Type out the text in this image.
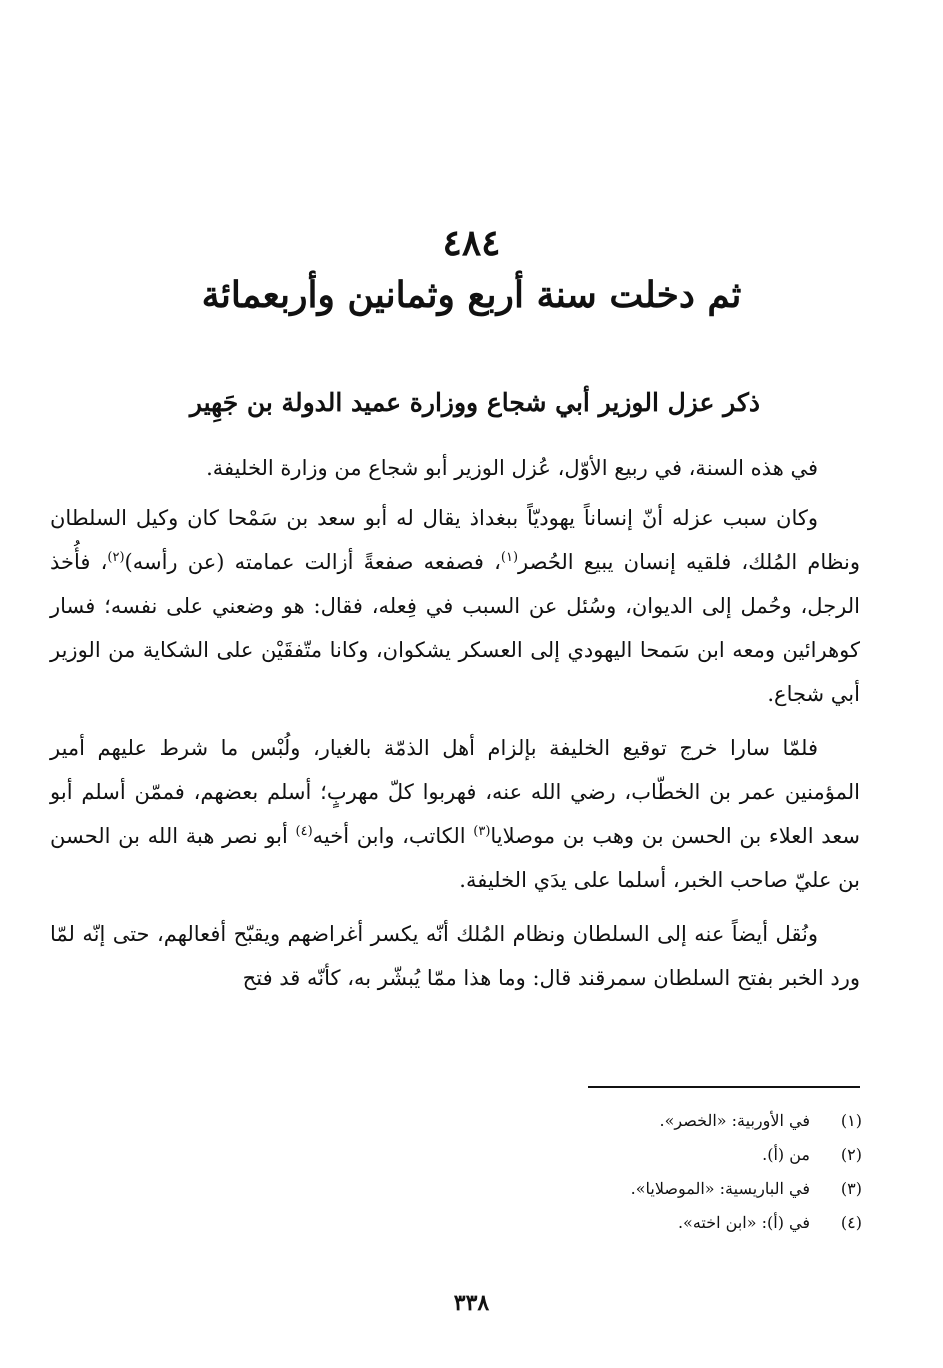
٤٨٤
ثم دخلت سنة أربع وثمانين وأربعمائة
ذكر عزل الوزير أبي شجاع ووزارة عميد الدولة بن جَهِير

في هذه السنة، في ربيع الأوّل، عُزل الوزير أبو شجاع من وزارة الخليفة.

وكان سبب عزله أنّ إنساناً يهوديّاً ببغداذ يقال له أبو سعد بن سَمْحا كان وكيل السلطان ونظام المُلك، فلقيه إنسان يبيع الحُصر$^{(١)}$، فصفعه صفعةً أزالت عمامته (عن رأسه)$^{(٢)}$، فأُخذ الرجل، وحُمل إلى الديوان، وسُئل عن السبب في فِعله، فقال: هو وضعني على نفسه؛ فسار كوهرائين ومعه ابن سَمحا اليهودي إلى العسكر يشكوان، وكانا متّفقَيْن على الشكاية من الوزير أبي شجاع.

فلمّا سارا خرج توقيع الخليفة بإلزام أهل الذمّة بالغيار، ولُبْس ما شرط عليهم أمير المؤمنين عمر بن الخطّاب، رضي الله عنه، فهربوا كلّ مهربٍ؛ أسلم بعضهم، فممّن أسلم أبو سعد العلاء بن الحسن بن وهب بن موصلايا$^{(٣)}$ الكاتب، وابن أخيه$^{(٤)}$ أبو نصر هبة الله بن الحسن بن عليّ صاحب الخبر، أسلما على يدَي الخليفة.

ونُقل أيضاً عنه إلى السلطان ونظام المُلك أنّه يكسر أغراضهم ويقبّح أفعالهم، حتى إنّه لمّا ورد الخبر بفتح السلطان سمرقند قال: وما هذا ممّا يُبشّر به، كأنّه قد فتح

(١)
في الأوربية: «الخصر».
(٢)
من (أ).
(٣)
في الباريسية: «الموصلايا».
(٤)
في (أ): «ابن اخته».
٣٣٨
